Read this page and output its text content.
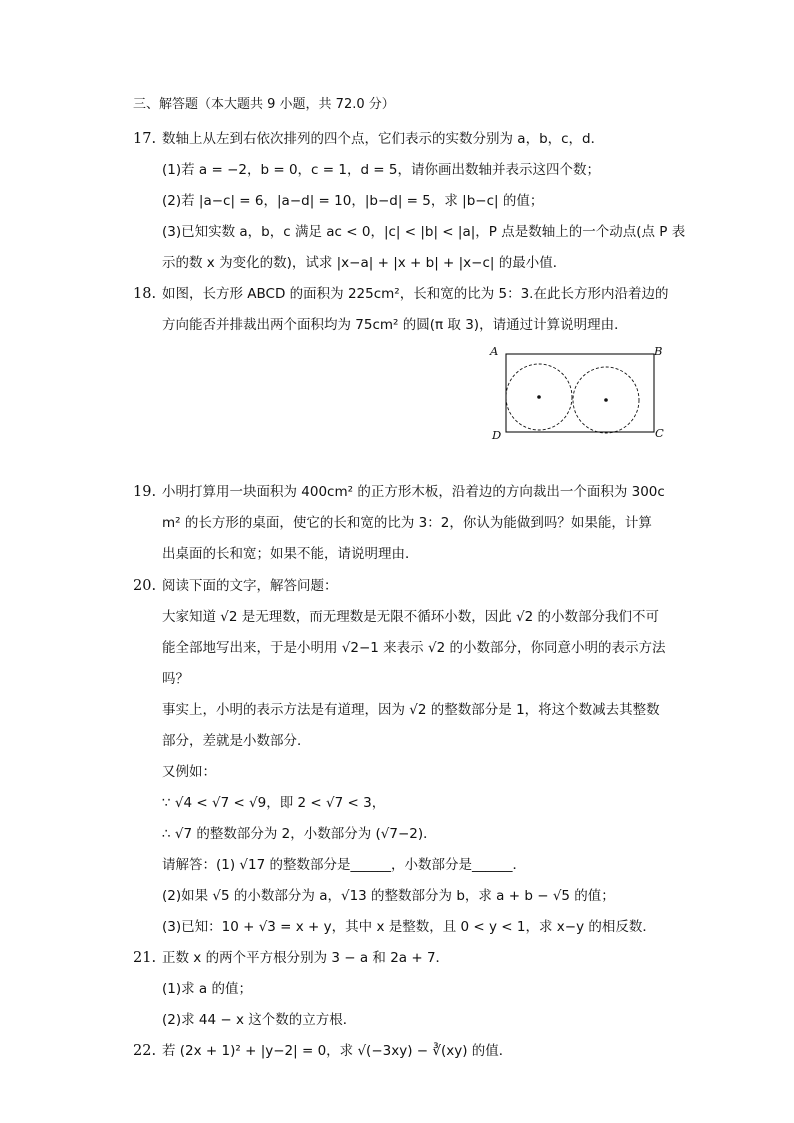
三、解答题（本大题共 9 小题，共 72.0 分）
17. 数轴上从左到右依次排列的四个点，它们表示的实数分别为 a，b，c，d．
(1)若 a = −2，b = 0，c = 1，d = 5，请你画出数轴并表示这四个数；
(2)若 |a−c| = 6，|a−d| = 10，|b−d| = 5，求 |b−c| 的值；
(3)已知实数 a，b，c 满足 ac < 0，|c| < |b| < |a|，P 点是数轴上的一个动点(点 P 表
示的数 x 为变化的数)，试求 |x−a| + |x + b| + |x−c| 的最小值．
18. 如图，长方形 ABCD 的面积为 225cm²，长和宽的比为 5：3.在此长方形内沿着边的
方向能否并排裁出两个面积均为 75cm² 的圆(π 取 3)，请通过计算说明理由．
A	B
C
D
19. 小明打算用一块面积为 400cm² 的正方形木板，沿着边的方向裁出一个面积为 300c
m² 的长方形的桌面，使它的长和宽的比为 3：2，你认为能做到吗？如果能，计算
出桌面的长和宽；如果不能，请说明理由．
20. 阅读下面的文字，解答问题：
大家知道 √2 是无理数，而无理数是无限不循环小数，因此 √2 的小数部分我们不可
能全部地写出来，于是小明用 √2−1 来表示 √2 的小数部分，你同意小明的表示方法
吗？
事实上，小明的表示方法是有道理，因为 √2 的整数部分是 1，将这个数减去其整数
部分，差就是小数部分．
又例如：
∵ √4 < √7 < √9，即 2 < √7 < 3，
∴ √7 的整数部分为 2，小数部分为 (√7−2)．
请解答：(1) √17 的整数部分是______，小数部分是______．
(2)如果 √5 的小数部分为 a，√13 的整数部分为 b，求 a + b − √5 的值；
(3)已知：10 + √3 = x + y，其中 x 是整数，且 0 < y < 1，求 x−y 的相反数．
21. 正数 x 的两个平方根分别为 3 − a 和 2a + 7．
(1)求 a 的值；
(2)求 44 − x 这个数的立方根．
22. 若 (2x + 1)² + |y−2| = 0，求 √(−3xy) − ∛(xy) 的值．
